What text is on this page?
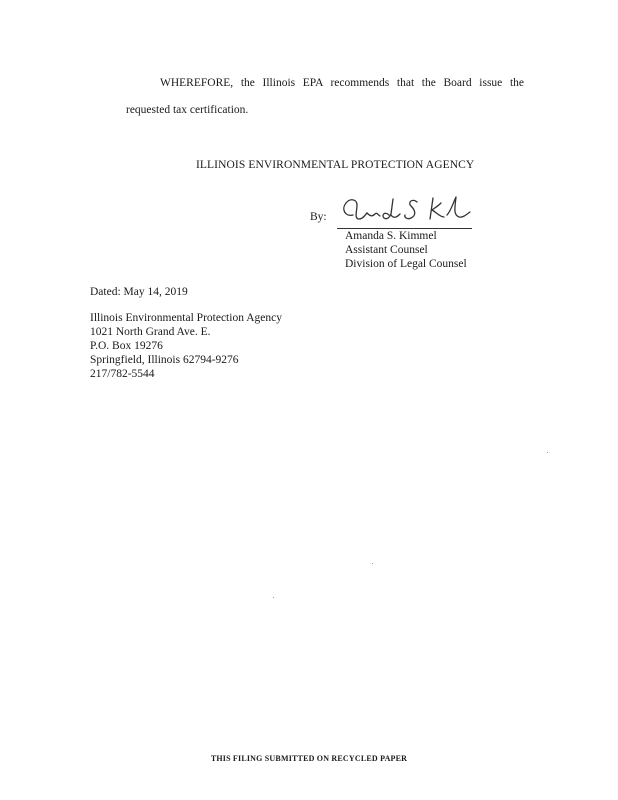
WHEREFORE, the Illinois EPA recommends that the Board issue the
requested tax certification.
ILLINOIS ENVIRONMENTAL PROTECTION AGENCY
By:
Amanda S. Kimmel
Assistant Counsel
Division of Legal Counsel
Dated: May 14, 2019
Illinois Environmental Protection Agency
1021 North Grand Ave. E.
P.O. Box 19276
Springfield, Illinois 62794-9276
217/782-5544
THIS FILING SUBMITTED ON RECYCLED PAPER
